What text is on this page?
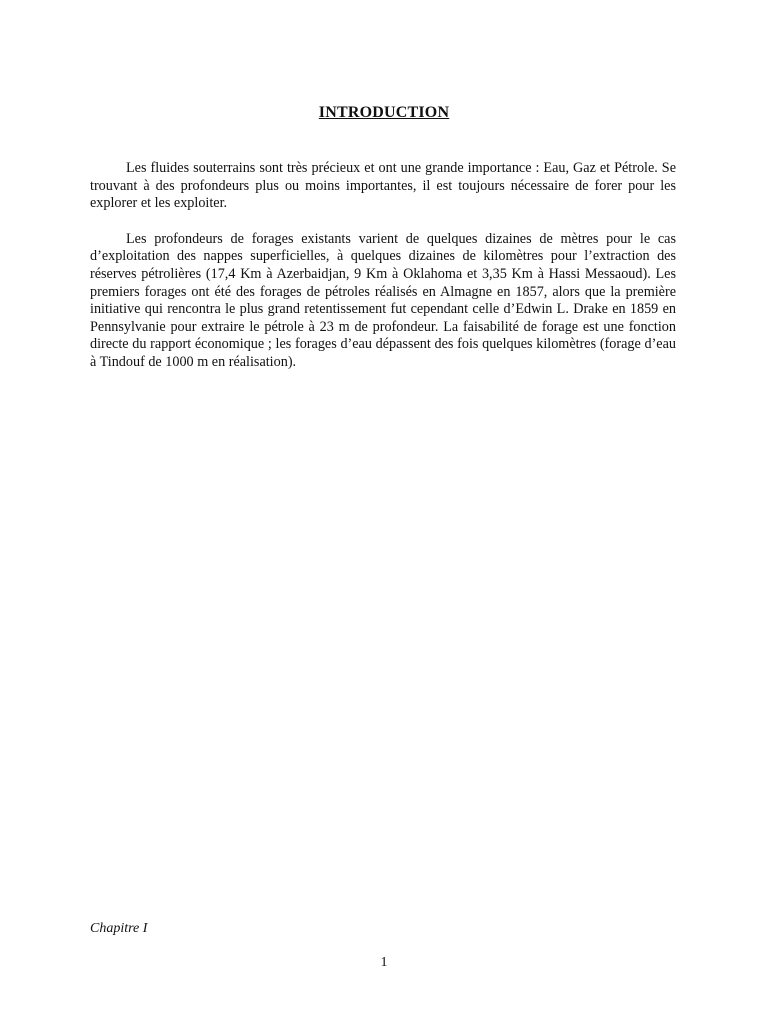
INTRODUCTION

Les fluides souterrains sont très précieux et ont une grande importance : Eau, Gaz et Pétrole. Se trouvant à des profondeurs plus ou moins importantes, il est toujours nécessaire de forer pour les explorer et les exploiter.

Les profondeurs de forages existants varient de quelques dizaines de mètres pour le cas d’exploitation des nappes superficielles, à quelques dizaines de kilomètres pour l’extraction des réserves pétrolières (17,4 Km à Azerbaidjan, 9 Km à Oklahoma et 3,35 Km à Hassi Messaoud). Les premiers forages ont été des forages de pétroles réalisés en Almagne en 1857, alors que la première initiative qui rencontra le plus grand retentissement fut cependant celle d’Edwin L. Drake en 1859 en Pennsylvanie pour extraire le pétrole à 23 m de profondeur. La faisabilité de forage est une fonction directe du rapport économique ; les forages d’eau dépassent des fois quelques kilomètres (forage d’eau à Tindouf de 1000 m en réalisation).

Chapitre I
1
